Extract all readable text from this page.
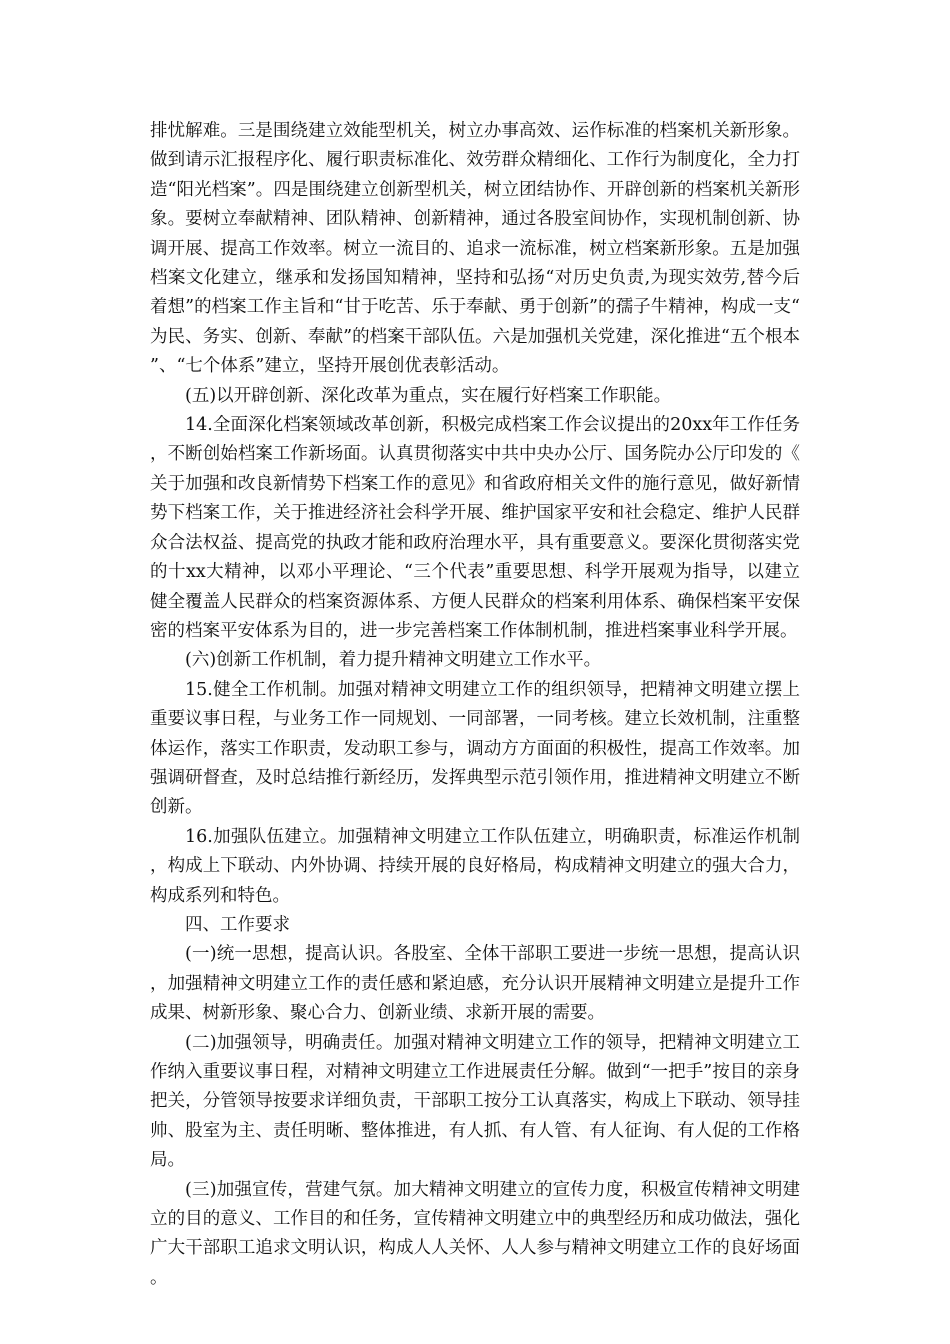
排忧解难。三是围绕建立效能型机关，树立办事高效、运作标准的档案机关新形象。做到请示汇报程序化、履行职责标准化、效劳群众精细化、工作行为制度化，全力打造“阳光档案”。四是围绕建立创新型机关，树立团结协作、开辟创新的档案机关新形象。要树立奉献精神、团队精神、创新精神，通过各股室间协作，实现机制创新、协调开展、提高工作效率。树立一流目的、追求一流标准，树立档案新形象。五是加强档案文化建立，继承和发扬国知精神，坚持和弘扬“对历史负责,为现实效劳,替今后着想”的档案工作主旨和“甘于吃苦、乐于奉献、勇于创新”的孺子牛精神，构成一支“为民、务实、创新、奉献”的档案干部队伍。六是加强机关党建，深化推进“五个根本”、“七个体系”建立，坚持开展创优表彰活动。

(五)以开辟创新、深化改革为重点，实在履行好档案工作职能。

14.全面深化档案领域改革创新，积极完成档案工作会议提出的20xx年工作任务，不断创始档案工作新场面。认真贯彻落实中共中央办公厅、国务院办公厅印发的《关于加强和改良新情势下档案工作的意见》和省政府相关文件的施行意见，做好新情势下档案工作，关于推进经济社会科学开展、维护国家平安和社会稳定、维护人民群众合法权益、提高党的执政才能和政府治理水平，具有重要意义。要深化贯彻落实党的十xx大精神，以邓小平理论、“三个代表”重要思想、科学开展观为指导，以建立健全覆盖人民群众的档案资源体系、方便人民群众的档案利用体系、确保档案平安保密的档案平安体系为目的，进一步完善档案工作体制机制，推进档案事业科学开展。

(六)创新工作机制，着力提升精神文明建立工作水平。

15.健全工作机制。加强对精神文明建立工作的组织领导，把精神文明建立摆上重要议事日程，与业务工作一同规划、一同部署，一同考核。建立长效机制，注重整体运作，落实工作职责，发动职工参与，调动方方面面的积极性，提高工作效率。加强调研督查，及时总结推行新经历，发挥典型示范引领作用，推进精神文明建立不断创新。

16.加强队伍建立。加强精神文明建立工作队伍建立，明确职责，标准运作机制，构成上下联动、内外协调、持续开展的良好格局，构成精神文明建立的强大合力，构成系列和特色。

四、工作要求

(一)统一思想，提高认识。各股室、全体干部职工要进一步统一思想，提高认识，加强精神文明建立工作的责任感和紧迫感，充分认识开展精神文明建立是提升工作成果、树新形象、聚心合力、创新业绩、求新开展的需要。

(二)加强领导，明确责任。加强对精神文明建立工作的领导，把精神文明建立工作纳入重要议事日程，对精神文明建立工作进展责任分解。做到“一把手”按目的亲身把关，分管领导按要求详细负责，干部职工按分工认真落实，构成上下联动、领导挂帅、股室为主、责任明晰、整体推进，有人抓、有人管、有人征询、有人促的工作格局。

(三)加强宣传，营建气氛。加大精神文明建立的宣传力度，积极宣传精神文明建立的目的意义、工作目的和任务，宣传精神文明建立中的典型经历和成功做法，强化广大干部职工追求文明认识，构成人人关怀、人人参与精神文明建立工作的良好场面。
